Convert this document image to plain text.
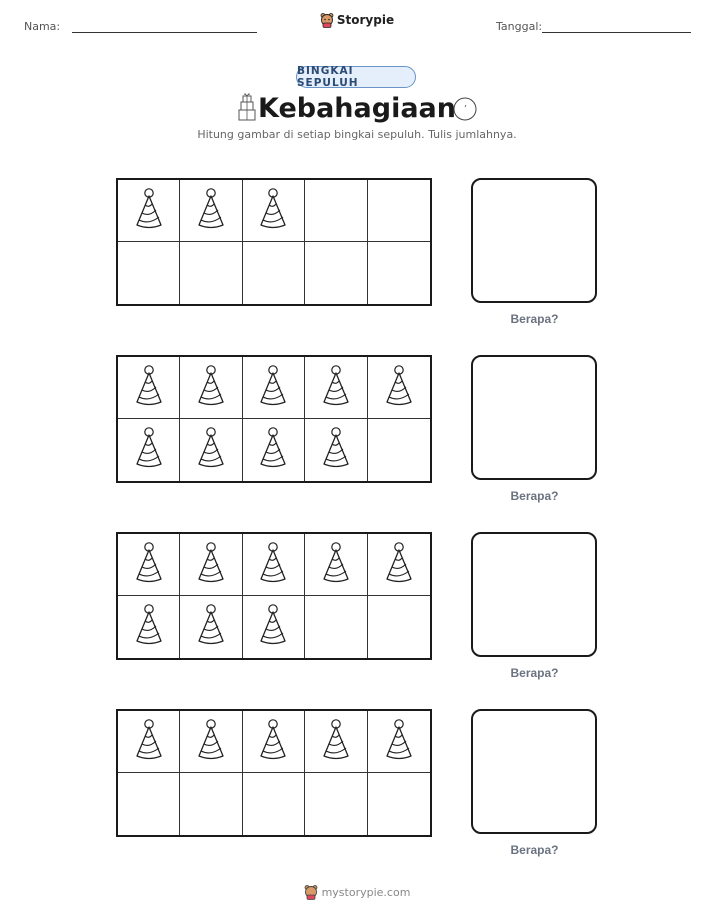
Nama:	Storypie	Tanggal:
BINGKAI SEPULUH
Kebahagiaan
Hitung gambar di setiap bingkai sepuluh. Tulis jumlahnya.
Berapa?
Berapa?
Berapa?
Berapa?
mystorypie.com
